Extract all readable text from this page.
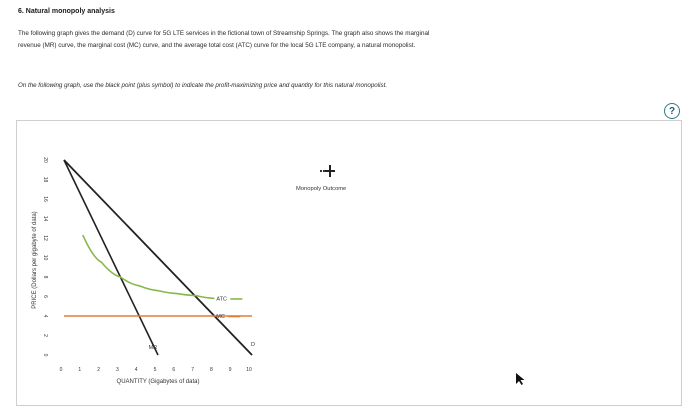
6. Natural monopoly analysis
The following graph gives the demand (D) curve for 5G LTE services in the fictional town of Streamship Springs. The graph also shows the marginal
revenue (MR) curve, the marginal cost (MC) curve, and the average total cost (ATC) curve for the local 5G LTE company, a natural monopolist.
On the following graph, use the black point (plus symbol) to indicate the profit-maximizing price and quantity for this natural monopolist.
?
PRICE (Dollars per gigabyte of data)
0
2
4
6
8
10
12
14
16
18
20
0	1	2	3	4	5	6	7	8	9	10
QUANTITY (Gigabytes of data)
ATC
MC
MR	D
Monopoly Outcome
